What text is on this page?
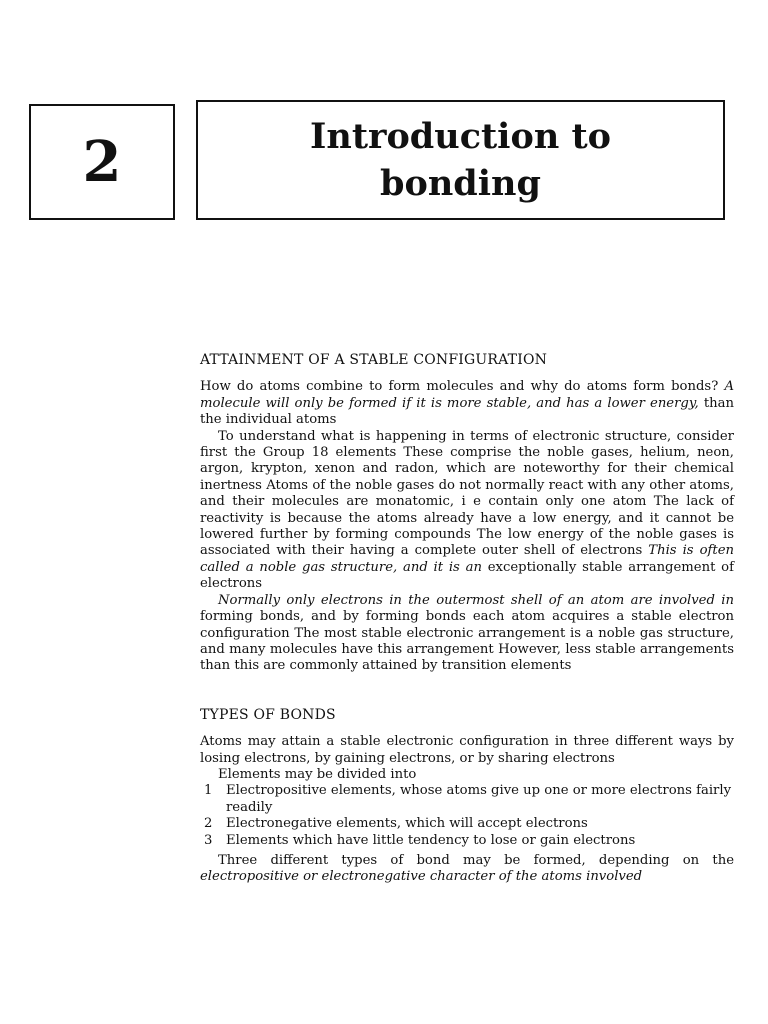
2	Introduction to
bonding
ATTAINMENT OF A STABLE CONFIGURATION

How do atoms combine to form molecules and why do atoms form bonds? A molecule will only be formed if it is more stable, and has a lower energy, than the individual atoms

To understand what is happening in terms of electronic structure, consider first the Group 18 elements These comprise the noble gases, helium, neon, argon, krypton, xenon and radon, which are noteworthy for their chemical inertness Atoms of the noble gases do not normally react with any other atoms, and their molecules are monatomic, i e contain only one atom The lack of reactivity is because the atoms already have a low energy, and it cannot be lowered further by forming compounds The low energy of the noble gases is associated with their having a complete outer shell of electrons This is often called a noble gas structure, and it is an exceptionally stable arrangement of electrons

Normally only electrons in the outermost shell of an atom are involved in forming bonds, and by forming bonds each atom acquires a stable electron configuration The most stable electronic arrangement is a noble gas structure, and many molecules have this arrangement However, less stable arrangements than this are commonly attained by transition elements

TYPES OF BONDS

Atoms may attain a stable electronic configuration in three different ways by losing electrons, by gaining electrons, or by sharing electrons

Elements may be divided into

1 Electropositive elements, whose atoms give up one or more electrons fairly readily
2 Electronegative elements, which will accept electrons
3 Elements which have little tendency to lose or gain electrons

Three different types of bond may be formed, depending on the electropositive or electronegative character of the atoms involved
